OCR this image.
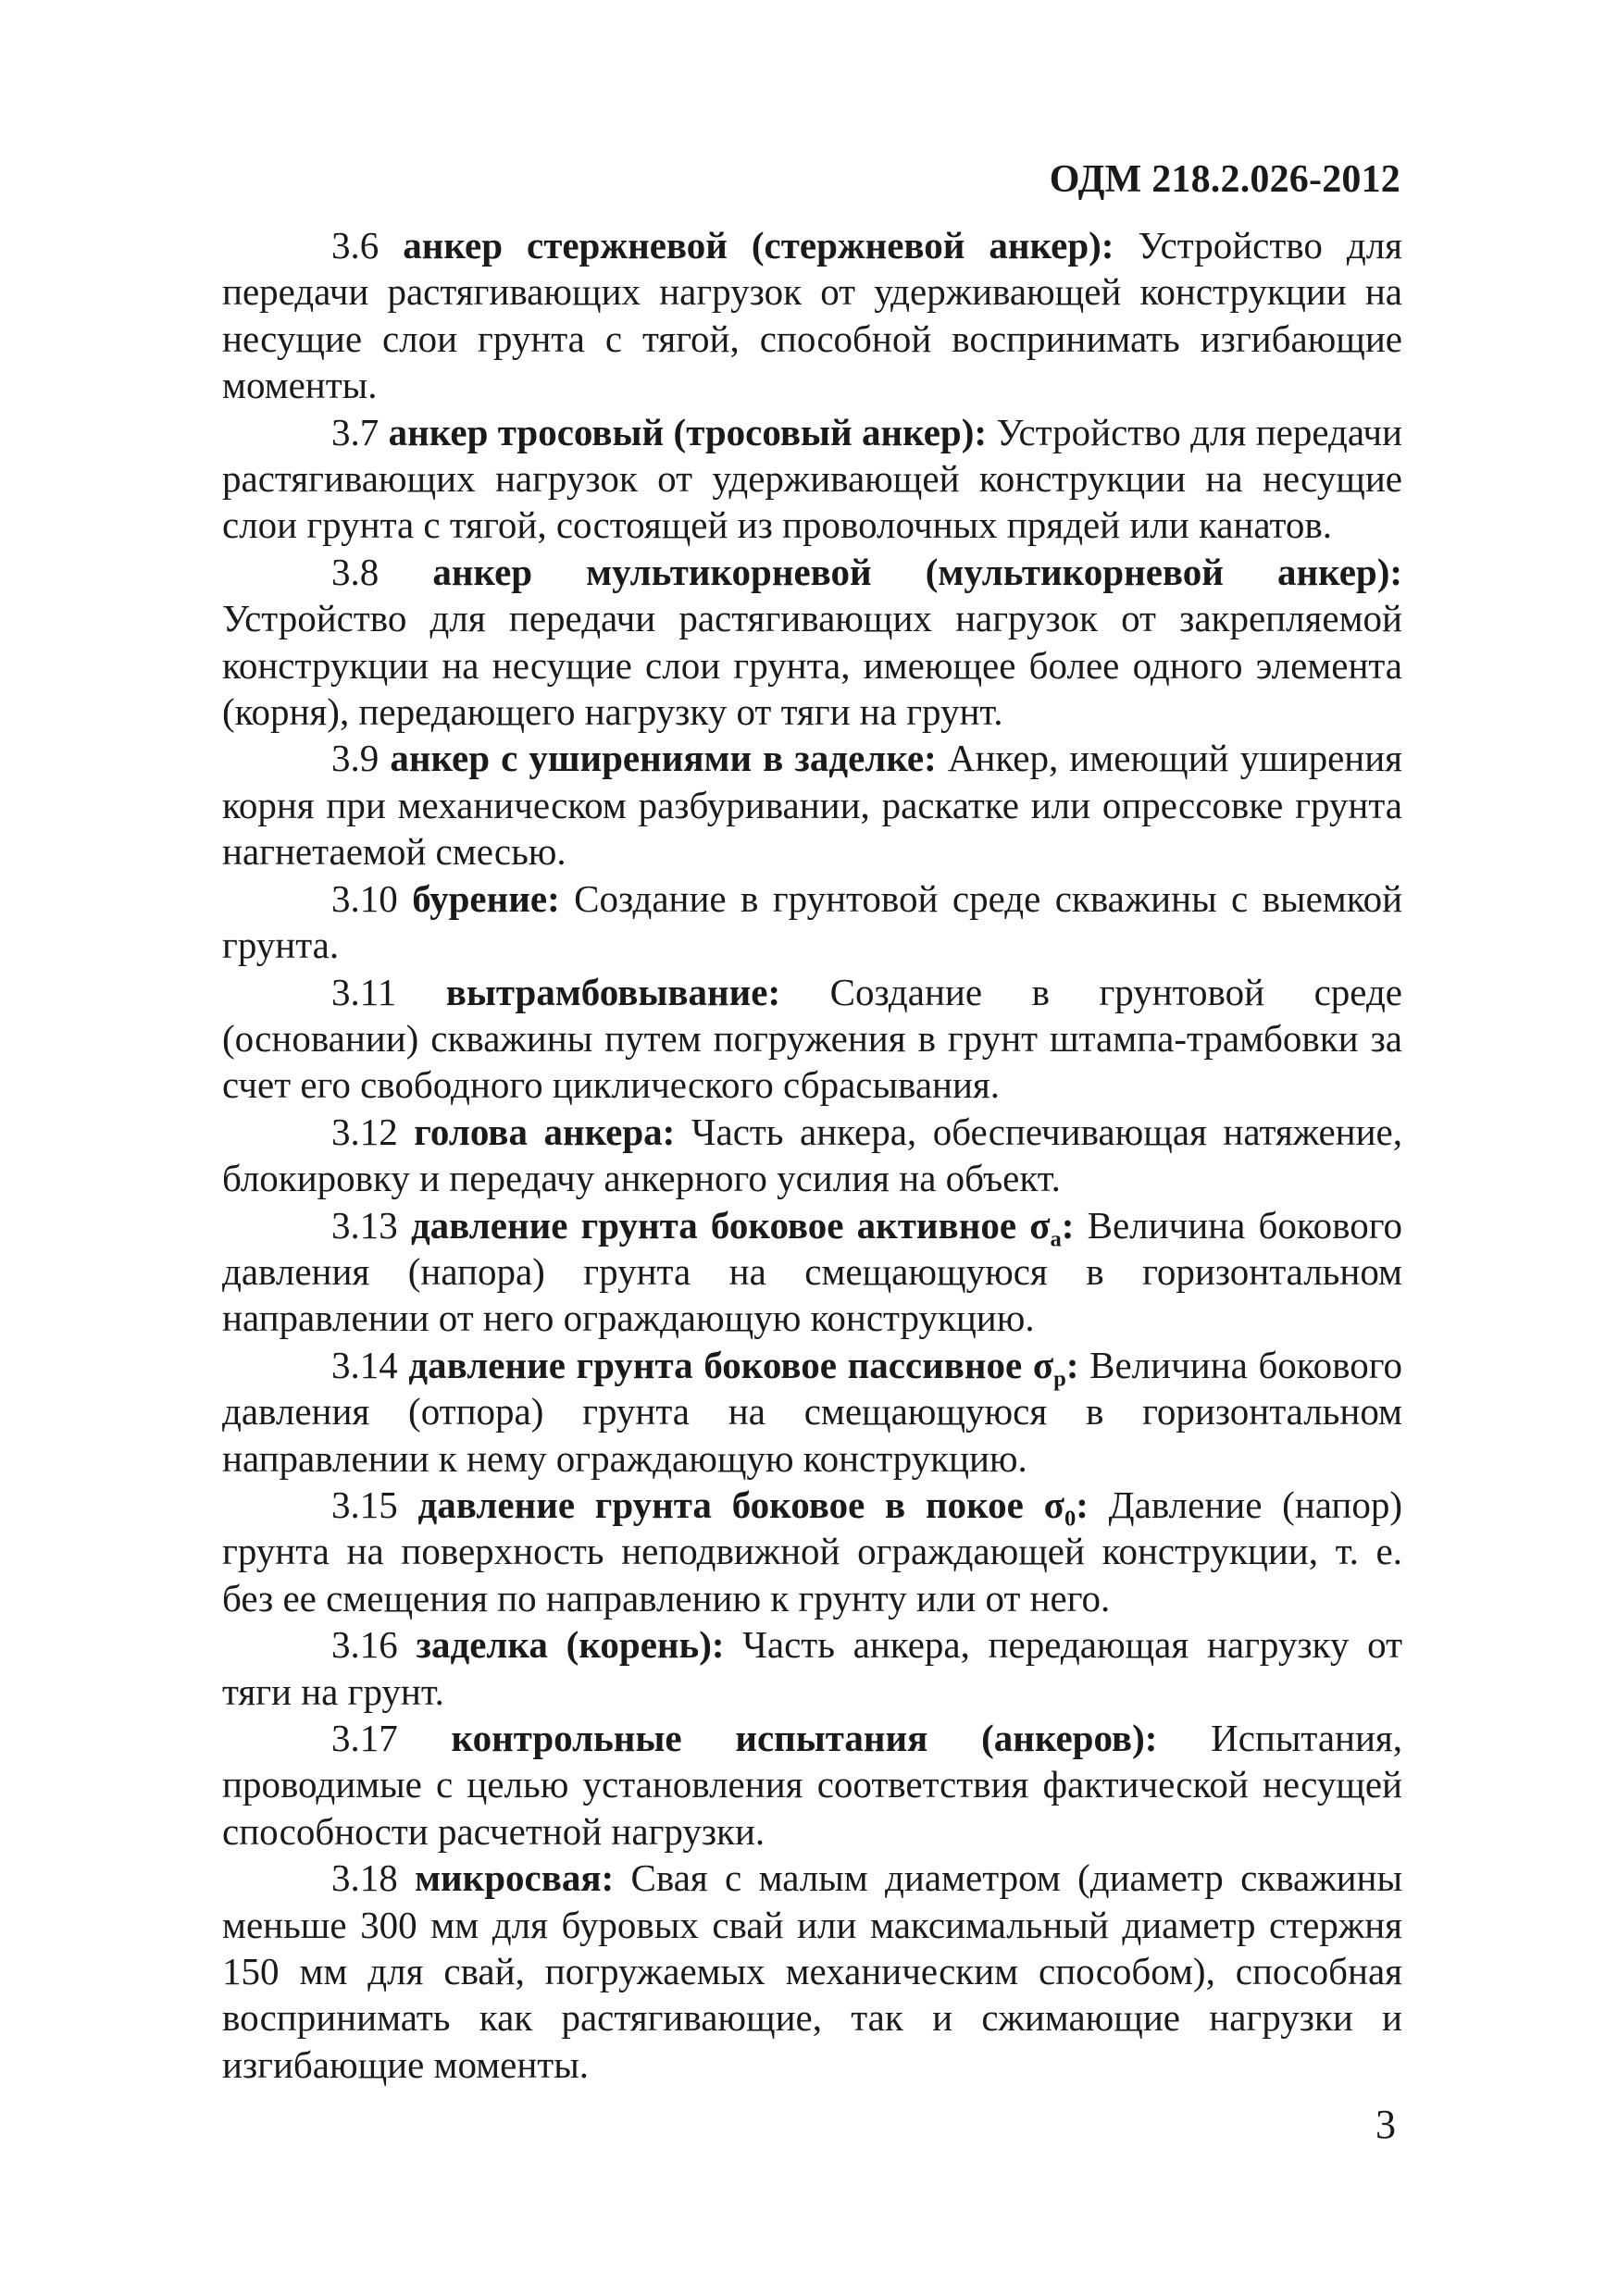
ОДМ 218.2.026-2012

3.6 анкер стержневой (стержневой анкер): Устройство для передачи растягивающих нагрузок от удерживающей конструкции на несущие слои грунта с тягой, способной воспринимать изгибающие моменты.

3.7 анкер тросовый (тросовый анкер): Устройство для передачи растягивающих нагрузок от удерживающей конструкции на несущие слои грунта с тягой, состоящей из проволочных прядей или канатов.

3.8 анкер мультикорневой (мультикорневой анкер): Устройство для передачи растягивающих нагрузок от закрепляемой конструкции на несущие слои грунта, имеющее более одного элемента (корня), передающего нагрузку от тяги на грунт.

3.9 анкер с уширениями в заделке: Анкер, имеющий уширения корня при механическом разбуривании, раскатке или опрессовке грунта нагнетаемой смесью.

3.10 бурение: Создание в грунтовой среде скважины с выемкой грунта.

3.11 вытрамбовывание: Создание в грунтовой среде (основании) скважины путем погружения в грунт штампа-трамбовки за счет его свободного циклического сбрасывания.

3.12 голова анкера: Часть анкера, обеспечивающая натяжение, блокировку и передачу анкерного усилия на объект.

3.13 давление грунта боковое активное $\sigma_a$: Величина бокового давления (напора) грунта на смещающуюся в горизонтальном направлении от него ограждающую конструкцию.

3.14 давление грунта боковое пассивное $\sigma_p$: Величина бокового давления (отпора) грунта на смещающуюся в горизонтальном направлении к нему ограждающую конструкцию.

3.15 давление грунта боковое в покое $\sigma_0$: Давление (напор) грунта на поверхность неподвижной ограждающей конструкции, т. е. без ее смещения по направлению к грунту или от него.

3.16 заделка (корень): Часть анкера, передающая нагрузку от тяги на грунт.

3.17 контрольные испытания (анкеров): Испытания, проводимые с целью установления соответствия фактической несущей способности расчетной нагрузки.

3.18 микросвая: Свая с малым диаметром (диаметр скважины меньше 300 мм для буровых свай или максимальный диаметр стержня 150 мм для свай, погружаемых механическим способом), способная воспринимать как растягивающие, так и сжимающие нагрузки и изгибающие моменты.

3
